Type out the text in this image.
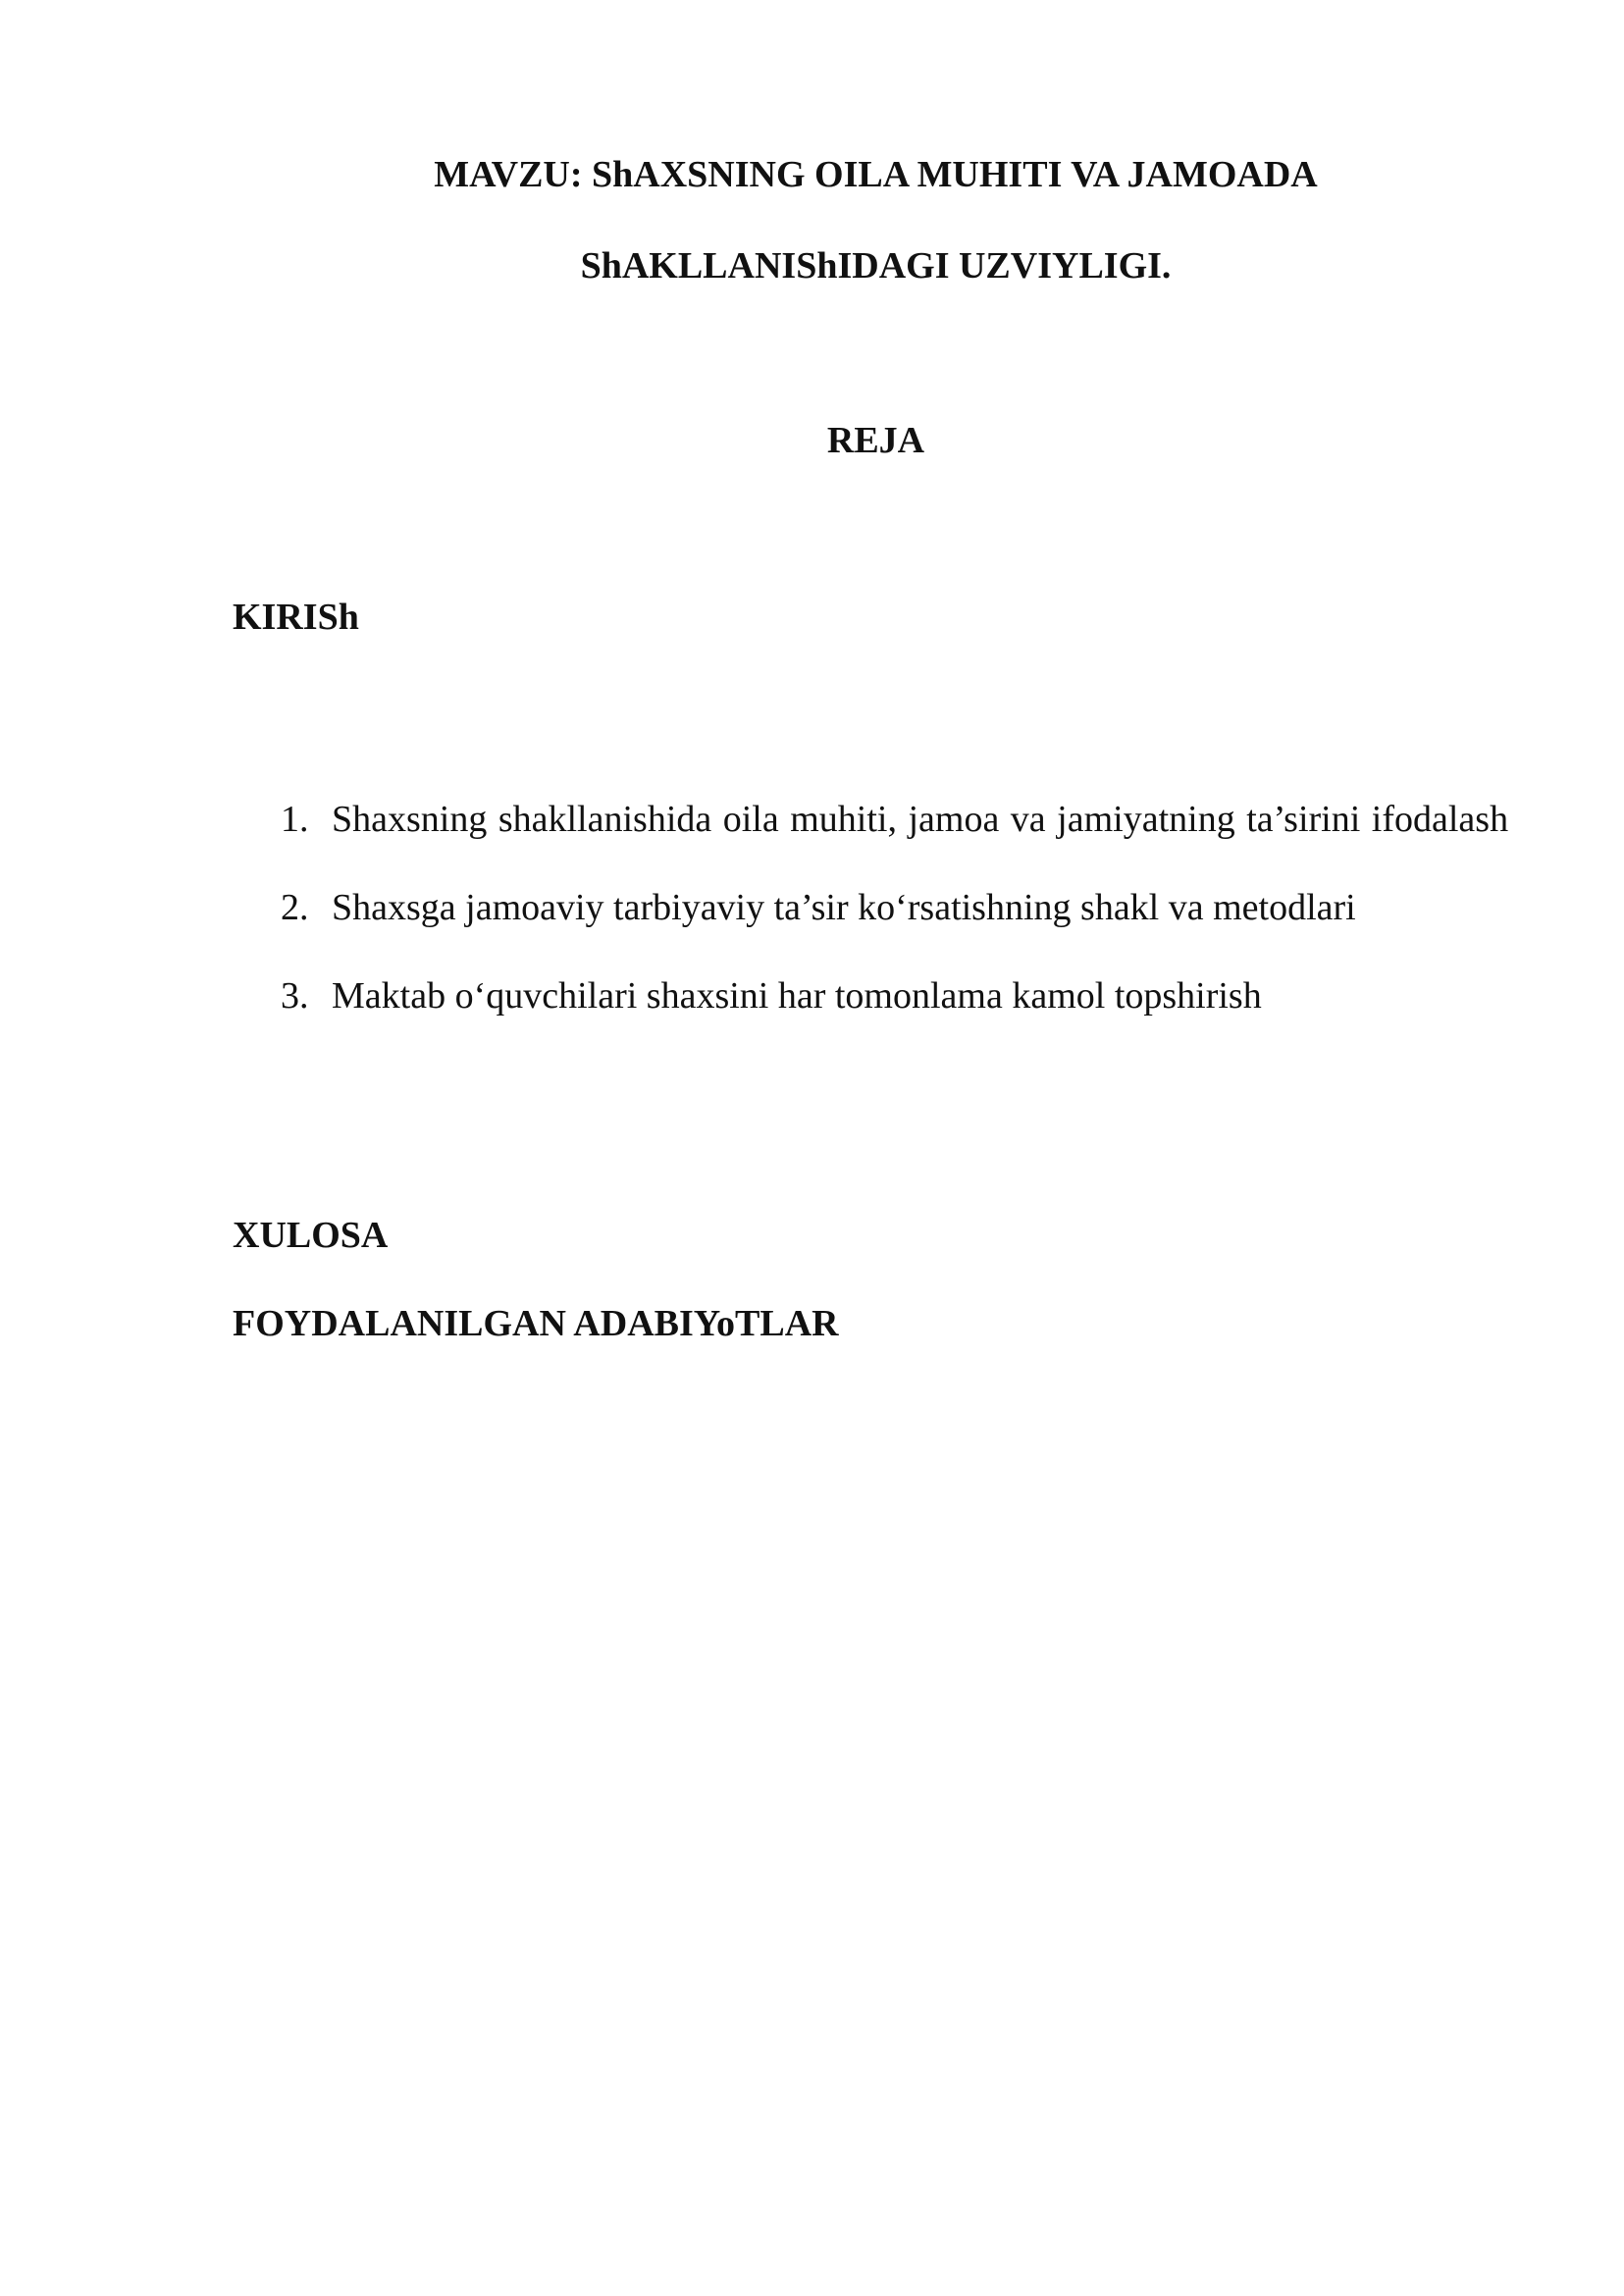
MAVZU: ShAXSNING OILA MUHITI VA JAMOADA
ShAKLLANIShIDAGI UZVIYLIGI.
REJA
KIRISh
1. Shaxsning shakllanishida oila muhiti, jamoa va jamiyatning ta’sirini ifodalash
2. Shaxsga jamoaviy tarbiyaviy ta’sir ko‘rsatishning shakl va metodlari
3. Maktab o‘quvchilari shaxsini har tomonlama kamol topshirish
XULOSA
FOYDALANILGAN ADABIYoTLAR
